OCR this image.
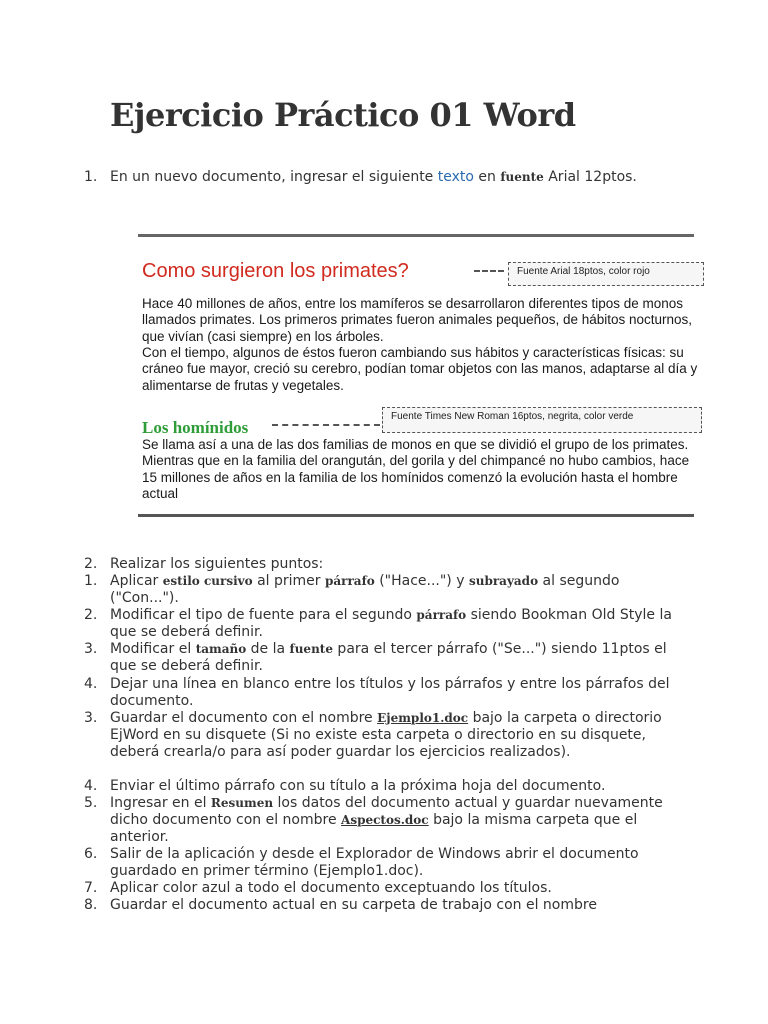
Ejercicio Práctico 01 Word
1. En un nuevo documento, ingresar el siguiente texto en fuente Arial 12ptos.
Como surgieron los primates?	Fuente Arial 18ptos, color rojo
Hace 40 millones de años, entre los mamíferos se desarrollaron diferentes tipos de monos llamados primates. Los primeros primates fueron animales pequeños, de hábitos nocturnos, que vivían (casi siempre) en los árboles.
Con el tiempo, algunos de éstos fueron cambiando sus hábitos y características físicas: su cráneo fue mayor, creció su cerebro, podían tomar objetos con las manos, adaptarse al día y alimentarse de frutas y vegetales.
Los homínidos
Fuente Times New Roman 16ptos, negrita, color verde
Se llama así a una de las dos familias de monos en que se dividió el grupo de los primates. Mientras que en la familia del orangután, del gorila y del chimpancé no hubo cambios, hace 15 millones de años en la familia de los homínidos comenzó la evolución hasta el hombre actual
2. Realizar los siguientes puntos:
1. Aplicar estilo cursivo al primer párrafo ("Hace...") y subrayado al segundo ("Con...").
2. Modificar el tipo de fuente para el segundo párrafo siendo Bookman Old Style la que se deberá definir.
3. Modificar el tamaño de la fuente para el tercer párrafo ("Se...") siendo 11ptos el que se deberá definir.
4. Dejar una línea en blanco entre los títulos y los párrafos y entre los párrafos del documento.
3. Guardar el documento con el nombre Ejemplo1.doc bajo la carpeta o directorio EjWord en su disquete (Si no existe esta carpeta o directorio en su disquete, deberá crearla/o para así poder guardar los ejercicios realizados).
4. Enviar el último párrafo con su título a la próxima hoja del documento.
5. Ingresar en el Resumen los datos del documento actual y guardar nuevamente dicho documento con el nombre Aspectos.doc bajo la misma carpeta que el anterior.
6. Salir de la aplicación y desde el Explorador de Windows abrir el documento guardado en primer término (Ejemplo1.doc).
7. Aplicar color azul a todo el documento exceptuando los títulos.
8. Guardar el documento actual en su carpeta de trabajo con el nombre
